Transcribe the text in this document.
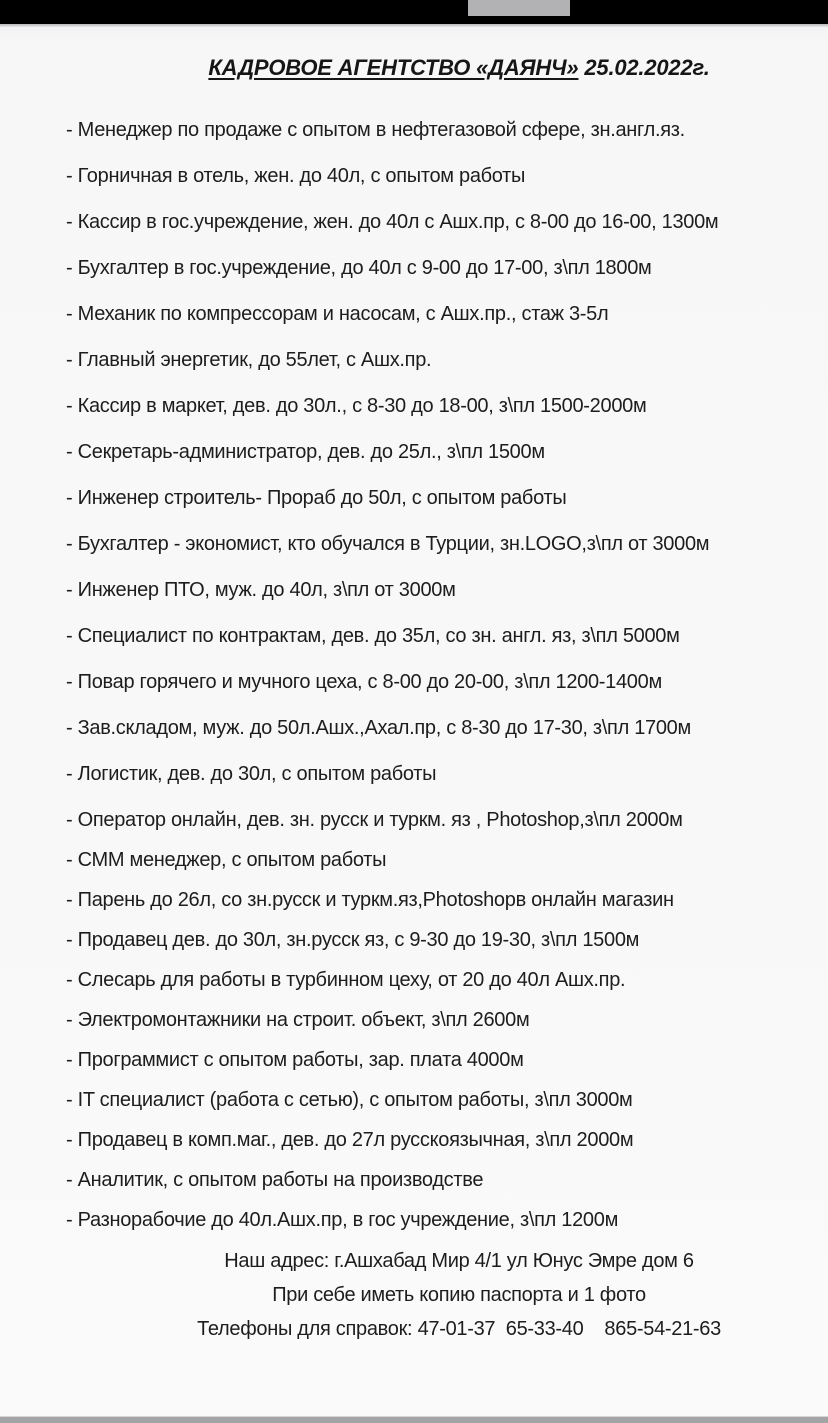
КАДРОВОЕ АГЕНТСТВО «ДАЯНЧ» 25.02.2022г.

- Менеджер по продаже с опытом в нефтегазовой сфере, зн.англ.яз.

- Горничная в отель, жен. до 40л, с опытом работы

- Кассир в гос.учреждение, жен. до 40л с Ашх.пр, с 8-00 до 16-00, 1300м

- Бухгалтер в гос.учреждение, до 40л с 9-00 до 17-00, з\пл 1800м

- Механик по компрессорам и насосам, с Ашх.пр., стаж 3-5л

- Главный энергетик, до 55лет, с Ашх.пр.

- Кассир в маркет, дев. до 30л., с 8-30 до 18-00, з\пл 1500-2000м

- Секретарь-администратор, дев. до 25л., з\пл 1500м

- Инженер строитель- Прораб до 50л, с опытом работы

- Бухгалтер - экономист, кто обучался в Турции, зн.LOGO,з\пл от 3000м

- Инженер ПТО, муж. до 40л, з\пл от 3000м

- Специалист по контрактам, дев. до 35л, со зн. англ. яз, з\пл 5000м

- Повар горячего и мучного цеха, с 8-00 до 20-00, з\пл 1200-1400м

- Зав.складом, муж. до 50л.Ашх.,Ахал.пр, с 8-30 до 17-30, з\пл 1700м

- Логистик, дев. до 30л, с опытом работы

- Оператор онлайн, дев. зн. русск и туркм. яз , Photoshop,з\пл 2000м

- СММ менеджер, с опытом работы

- Парень до 26л, со зн.русск и туркм.яз,Photoshopв онлайн магазин

- Продавец дев. до 30л, зн.русск яз, с 9-30 до 19-30, з\пл 1500м

- Слесарь для работы в турбинном цеху, от 20 до 40л Ашх.пр.

- Электромонтажники на строит. объект, з\пл 2600м

- Программист с опытом работы, зар. плата 4000м

- IT специалист (работа с сетью), с опытом работы, з\пл 3000м

- Продавец в комп.маг., дев. до 27л русскоязычная, з\пл 2000м

- Аналитик, с опытом работы на производстве

- Разнорабочие до 40л.Ашх.пр, в гос учреждение, з\пл 1200м

Наш адрес: г.Ашхабад Мир 4/1 ул Юнус Эмре дом 6

При себе иметь копию паспорта и 1 фото

Телефоны для справок: 47-01-37  65-33-40    865-54-21-63
